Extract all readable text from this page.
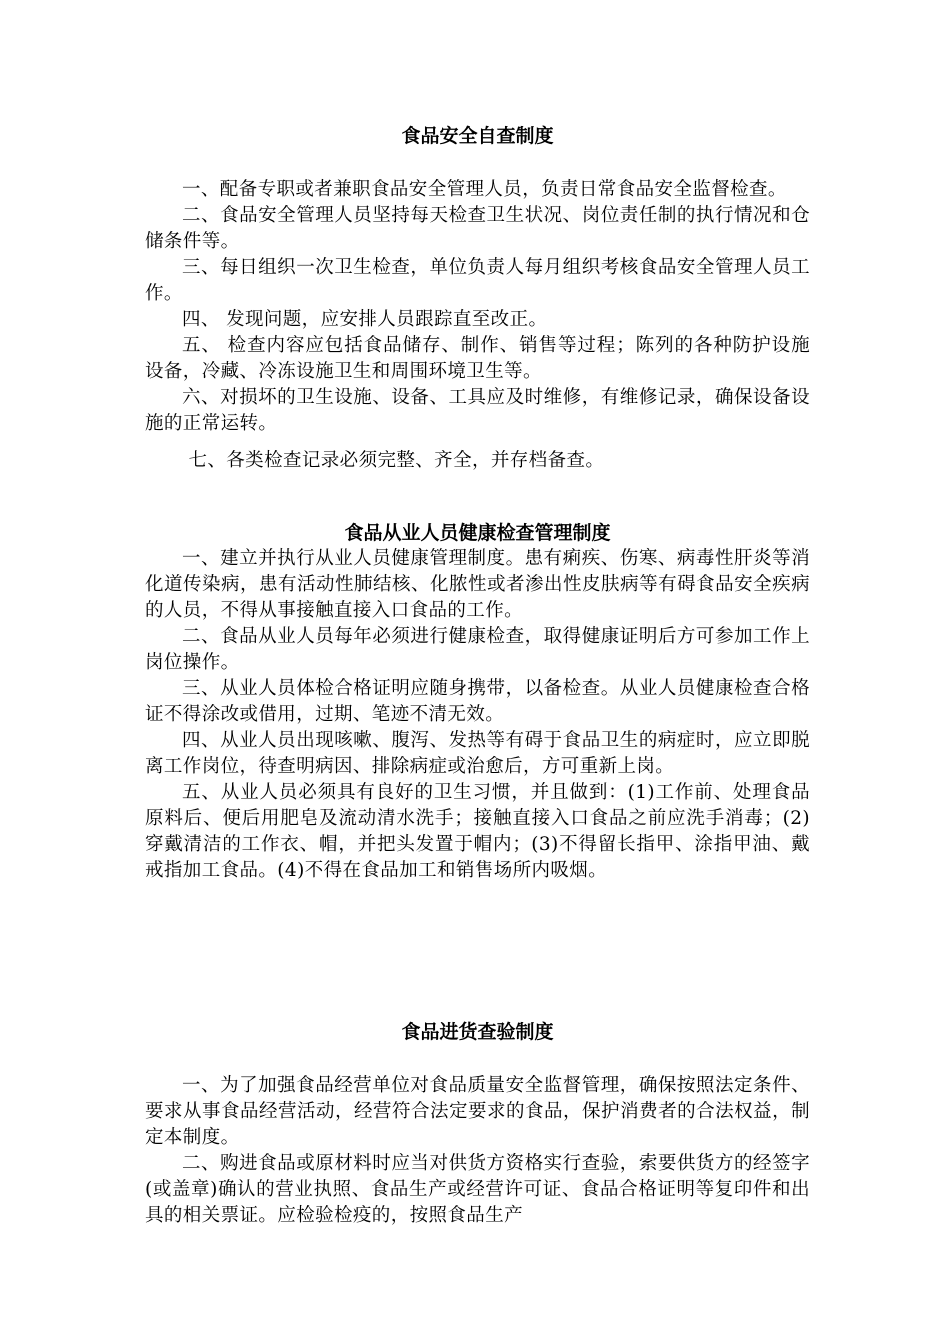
食品安全自查制度

一、配备专职或者兼职食品安全管理人员，负责日常食品安全监督检查。

二、食品安全管理人员坚持每天检查卫生状况、岗位责任制的执行情况和仓储条件等。

三、每日组织一次卫生检查，单位负责人每月组织考核食品安全管理人员工作。

四、 发现问题，应安排人员跟踪直至改正。

五、 检查内容应包括食品储存、制作、销售等过程；陈列的各种防护设施设备，冷藏、冷冻设施卫生和周围环境卫生等。

六、对损坏的卫生设施、设备、工具应及时维修，有维修记录，确保设备设施的正常运转。

七、各类检查记录必须完整、齐全，并存档备查。

食品从业人员健康检查管理制度

一、建立并执行从业人员健康管理制度。患有痢疾、伤寒、病毒性肝炎等消化道传染病，患有活动性肺结核、化脓性或者渗出性皮肤病等有碍食品安全疾病的人员，不得从事接触直接入口食品的工作。

二、食品从业人员每年必须进行健康检查，取得健康证明后方可参加工作上岗位操作。

三、从业人员体检合格证明应随身携带，以备检查。从业人员健康检查合格证不得涂改或借用，过期、笔迹不清无效。

四、从业人员出现咳嗽、腹泻、发热等有碍于食品卫生的病症时，应立即脱离工作岗位，待查明病因、排除病症或治愈后，方可重新上岗。

五、从业人员必须具有良好的卫生习惯，并且做到：(1)工作前、处理食品原料后、便后用肥皂及流动清水洗手；接触直接入口食品之前应洗手消毒；(2)穿戴清洁的工作衣、帽，并把头发置于帽内；(3)不得留长指甲、涂指甲油、戴戒指加工食品。(4)不得在食品加工和销售场所内吸烟。

食品进货查验制度

一、为了加强食品经营单位对食品质量安全监督管理，确保按照法定条件、要求从事食品经营活动，经营符合法定要求的食品，保护消费者的合法权益，制定本制度。

二、购进食品或原材料时应当对供货方资格实行查验，索要供货方的经签字(或盖章)确认的营业执照、食品生产或经营许可证、食品合格证明等复印件和出具的相关票证。应检验检疫的，按照食品生产
